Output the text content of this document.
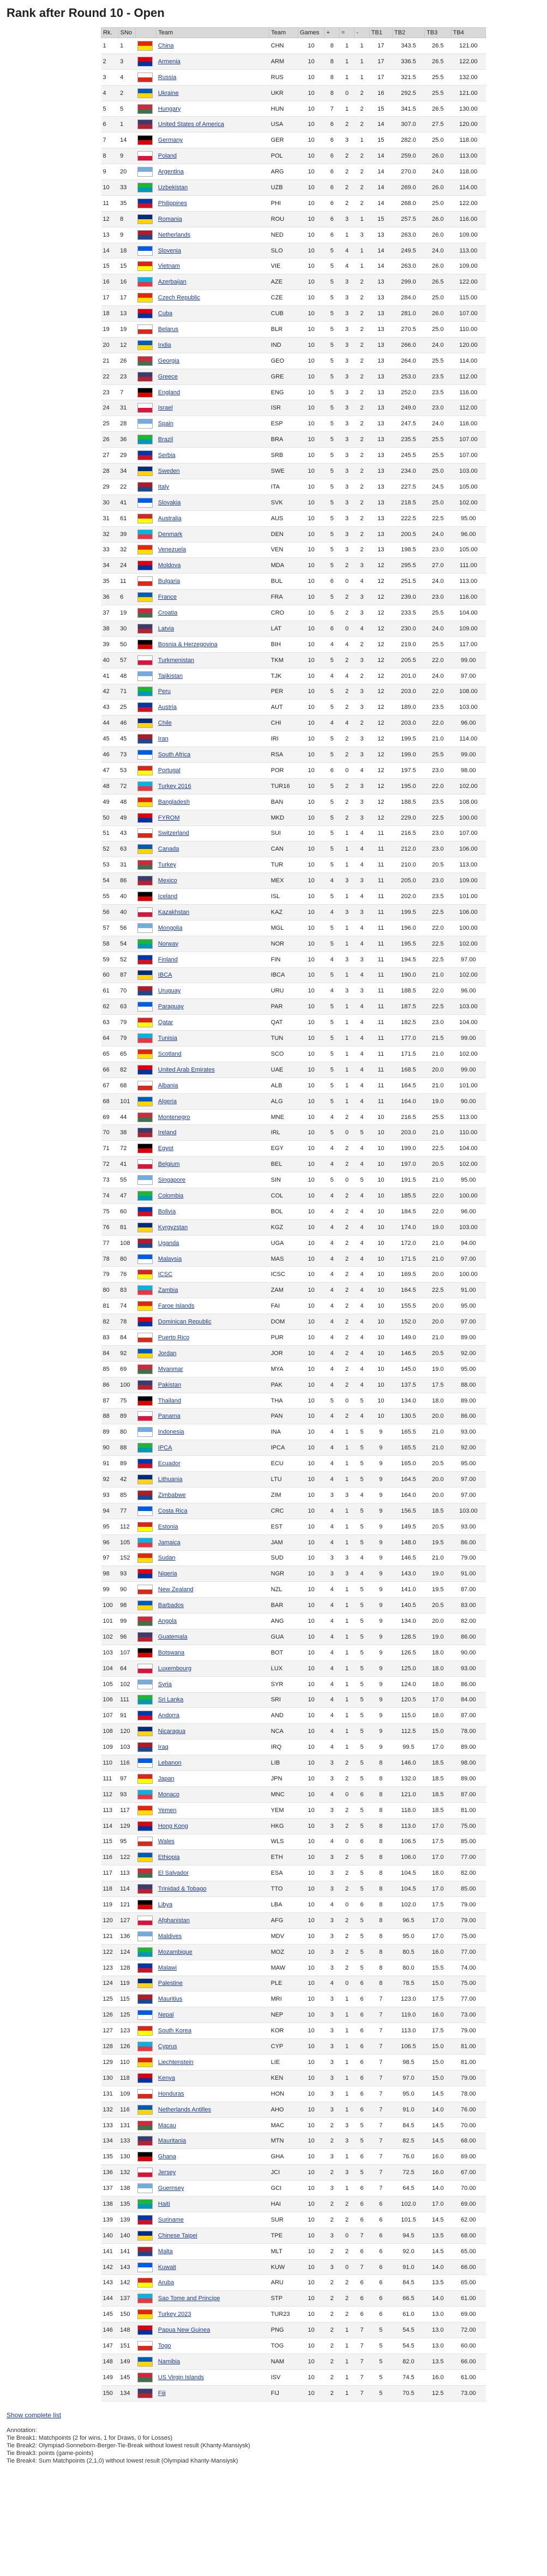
Rank after Round 10 - Open
Rk.	SNo		Team	Team	Games	+	=	-	TB1	TB2	TB3	TB4
1	1		China	CHN	10	8	1	1	17	343.5	26.5	121.00
2	3		Armenia	ARM	10	8	1	1	17	336.5	26.5	122.00
3	4		Russia	RUS	10	8	1	1	17	321.5	25.5	132.00
4	2		Ukraine	UKR	10	8	0	2	16	292.5	25.5	121.00
5	5		Hungary	HUN	10	7	1	2	15	341.5	26.5	130.00
6	1		United States of America	USA	10	6	2	2	14	307.0	27.5	120.00
7	14		Germany	GER	10	6	3	1	15	282.0	25.0	118.00
8	9		Poland	POL	10	6	2	2	14	259.0	26.0	113.00
9	20		Argentina	ARG	10	6	2	2	14	270.0	24.0	118.00
10	33		Uzbekistan	UZB	10	6	2	2	14	269.0	26.0	114.00
11	35		Philippines	PHI	10	6	2	2	14	268.0	25.0	122.00
12	8		Romania	ROU	10	6	3	1	15	257.5	26.0	116.00
13	9		Netherlands	NED	10	6	1	3	13	263.0	26.0	109.00
14	18		Slovenia	SLO	10	5	4	1	14	249.5	24.0	113.00
15	15		Vietnam	VIE	10	5	4	1	14	263.0	26.0	109.00
16	16		Azerbaijan	AZE	10	5	3	2	13	299.0	26.5	122.00
17	17		Czech Republic	CZE	10	5	3	2	13	284.0	25.0	115.00
18	13		Cuba	CUB	10	5	3	2	13	281.0	26.0	107.00
19	19		Belarus	BLR	10	5	3	2	13	270.5	25.0	110.00
20	12		India	IND	10	5	3	2	13	266.0	24.0	120.00
21	26		Georgia	GEO	10	5	3	2	13	264.0	25.5	114.00
22	23		Greece	GRE	10	5	3	2	13	253.0	23.5	112.00
23	7		England	ENG	10	5	3	2	13	252.0	23.5	116.00
24	31		Israel	ISR	10	5	3	2	13	249.0	23.0	112.00
25	28		Spain	ESP	10	5	3	2	13	247.5	24.0	116.00
26	36		Brazil	BRA	10	5	3	2	13	235.5	25.5	107.00
27	29		Serbia	SRB	10	5	3	2	13	245.5	25.5	107.00
28	34		Sweden	SWE	10	5	3	2	13	234.0	25.0	103.00
29	22		Italy	ITA	10	5	3	2	13	227.5	24.5	105.00
30	41		Slovakia	SVK	10	5	3	2	13	218.5	25.0	102.00
31	61		Australia	AUS	10	5	3	2	13	222.5	22.5	95.00
32	39		Denmark	DEN	10	5	3	2	13	200.5	24.0	96.00
33	32		Venezuela	VEN	10	5	3	2	13	198.5	23.0	105.00
34	24		Moldova	MDA	10	5	2	3	12	295.5	27.0	111.00
35	11		Bulgaria	BUL	10	6	0	4	12	251.5	24.0	113.00
36	6		France	FRA	10	5	2	3	12	239.0	23.0	116.00
37	19		Croatia	CRO	10	5	2	3	12	233.5	25.5	104.00
38	30		Latvia	LAT	10	6	0	4	12	230.0	24.0	109.00
39	50		Bosnia & Herzegovina	BIH	10	4	4	2	12	219.0	25.5	117.00
40	57		Turkmenistan	TKM	10	5	2	3	12	205.5	22.0	99.00
41	48		Tajikistan	TJK	10	4	4	2	12	201.0	24.0	97.00
42	71		Peru	PER	10	5	2	3	12	203.0	22.0	108.00
43	25		Austria	AUT	10	5	2	3	12	189.0	23.5	103.00
44	46		Chile	CHI	10	4	4	2	12	203.0	22.0	96.00
45	45		Iran	IRI	10	5	2	3	12	199.5	21.0	114.00
46	73		South Africa	RSA	10	5	2	3	12	199.0	25.5	99.00
47	53		Portugal	POR	10	6	0	4	12	197.5	23.0	98.00
48	72		Turkey 2016	TUR16	10	5	2	3	12	195.0	22.0	102.00
49	48		Bangladesh	BAN	10	5	2	3	12	188.5	23.5	108.00
50	49		FYROM	MKD	10	5	2	3	12	229.0	22.5	100.00
51	43		Switzerland	SUI	10	5	1	4	11	216.5	23.0	107.00
52	63		Canada	CAN	10	5	1	4	11	212.0	23.0	106.00
53	31		Turkey	TUR	10	5	1	4	11	210.0	20.5	113.00
54	86		Mexico	MEX	10	4	3	3	11	205.0	23.0	109.00
55	40		Iceland	ISL	10	5	1	4	11	202.0	23.5	101.00
56	40		Kazakhstan	KAZ	10	4	3	3	11	199.5	22.5	106.00
57	56		Mongolia	MGL	10	5	1	4	11	196.0	22.0	100.00
58	54		Norway	NOR	10	5	1	4	11	195.5	22.5	102.00
59	52		Finland	FIN	10	4	3	3	11	194.5	22.5	97.00
60	87		IBCA	IBCA	10	5	1	4	11	190.0	21.0	102.00
61	70		Uruguay	URU	10	4	3	3	11	188.5	22.0	96.00
62	63		Paraguay	PAR	10	5	1	4	11	187.5	22.5	103.00
63	79		Qatar	QAT	10	5	1	4	11	182.5	23.0	104.00
64	79		Tunisia	TUN	10	5	1	4	11	177.0	21.5	99.00
65	65		Scotland	SCO	10	5	1	4	11	171.5	21.0	102.00
66	82		United Arab Emirates	UAE	10	5	1	4	11	168.5	20.0	99.00
67	68		Albania	ALB	10	5	1	4	11	164.5	21.0	101.00
68	101		Algeria	ALG	10	5	1	4	11	164.0	19.0	90.00
69	44		Montenegro	MNE	10	4	2	4	10	216.5	25.5	113.00
70	38		Ireland	IRL	10	5	0	5	10	203.0	21.0	110.00
71	72		Egypt	EGY	10	4	2	4	10	199.0	22.5	104.00
72	41		Belgium	BEL	10	4	2	4	10	197.0	20.5	102.00
73	55		Singapore	SIN	10	5	0	5	10	191.5	21.0	95.00
74	47		Colombia	COL	10	4	2	4	10	185.5	22.0	100.00
75	60		Bolivia	BOL	10	4	2	4	10	184.5	22.0	96.00
76	81		Kyrgyzstan	KGZ	10	4	2	4	10	174.0	19.0	103.00
77	108		Uganda	UGA	10	4	2	4	10	172.0	21.0	94.00
78	80		Malaysia	MAS	10	4	2	4	10	171.5	21.0	97.00
79	76		ICSC	ICSC	10	4	2	4	10	169.5	20.0	100.00
80	83		Zambia	ZAM	10	4	2	4	10	164.5	22.5	91.00
81	74		Faroe Islands	FAI	10	4	2	4	10	155.5	20.0	95.00
82	78		Dominican Republic	DOM	10	4	2	4	10	152.0	20.0	97.00
83	84		Puerto Rico	PUR	10	4	2	4	10	149.0	21.0	89.00
84	92		Jordan	JOR	10	4	2	4	10	146.5	20.5	92.00
85	69		Myanmar	MYA	10	4	2	4	10	145.0	19.0	95.00
86	100		Pakistan	PAK	10	4	2	4	10	137.5	17.5	88.00
87	75		Thailand	THA	10	5	0	5	10	134.0	18.0	89.00
88	89		Panama	PAN	10	4	2	4	10	130.5	20.0	86.00
89	80		Indonesia	INA	10	4	1	5	9	165.5	21.0	93.00
90	88		IPCA	IPCA	10	4	1	5	9	165.5	21.0	92.00
91	89		Ecuador	ECU	10	4	1	5	9	165.0	20.5	95.00
92	42		Lithuania	LTU	10	4	1	5	9	164.5	20.0	97.00
93	85		Zimbabwe	ZIM	10	3	3	4	9	164.0	20.0	97.00
94	77		Costa Rica	CRC	10	4	1	5	9	156.5	18.5	103.00
95	112		Estonia	EST	10	4	1	5	9	149.5	20.5	93.00
96	105		Jamaica	JAM	10	4	1	5	9	148.0	19.5	86.00
97	152		Sudan	SUD	10	3	3	4	9	146.5	21.0	79.00
98	93		Nigeria	NGR	10	3	3	4	9	143.0	19.0	91.00
99	90		New Zealand	NZL	10	4	1	5	9	141.0	19.5	87.00
100	98		Barbados	BAR	10	4	1	5	9	140.5	20.5	83.00
101	99		Angola	ANG	10	4	1	5	9	134.0	20.0	82.00
102	96		Guatemala	GUA	10	4	1	5	9	128.5	19.0	86.00
103	107		Botswana	BOT	10	4	1	5	9	126.5	18.0	90.00
104	64		Luxembourg	LUX	10	4	1	5	9	125.0	18.0	93.00
105	102		Syria	SYR	10	4	1	5	9	124.0	18.0	86.00
106	111		Sri Lanka	SRI	10	4	1	5	9	120.5	17.0	84.00
107	91		Andorra	AND	10	4	1	5	9	115.0	18.0	87.00
108	120		Nicaragua	NCA	10	4	1	5	9	112.5	15.0	78.00
109	103		Iraq	IRQ	10	4	1	5	9	99.5	17.0	89.00
110	116		Lebanon	LIB	10	3	2	5	8	146.0	18.5	98.00
111	97		Japan	JPN	10	3	2	5	8	132.0	18.5	89.00
112	93		Monaco	MNC	10	4	0	6	8	121.0	18.5	87.00
113	117		Yemen	YEM	10	3	2	5	8	118.0	18.5	81.00
114	129		Hong Kong	HKG	10	3	2	5	8	113.0	17.0	75.00
115	95		Wales	WLS	10	4	0	6	8	106.5	17.5	85.00
116	122		Ethiopia	ETH	10	3	2	5	8	106.0	17.0	77.00
117	113		El Salvador	ESA	10	3	2	5	8	104.5	18.0	82.00
118	114		Trinidad & Tobago	TTO	10	3	2	5	8	104.5	17.0	85.00
119	121		Libya	LBA	10	4	0	6	8	102.0	17.5	79.00
120	127		Afghanistan	AFG	10	3	2	5	8	96.5	17.0	79.00
121	136		Maldives	MDV	10	3	2	5	8	95.0	17.0	75.00
122	124		Mozambique	MOZ	10	3	2	5	8	80.5	16.0	77.00
123	128		Malawi	MAW	10	3	2	5	8	80.0	15.5	74.00
124	119		Palestine	PLE	10	4	0	6	8	78.5	15.0	75.00
125	115		Mauritius	MRI	10	3	1	6	7	123.0	17.5	77.00
126	125		Nepal	NEP	10	3	1	6	7	119.0	16.0	73.00
127	123		South Korea	KOR	10	3	1	6	7	113.0	17.5	79.00
128	126		Cyprus	CYP	10	3	1	6	7	106.5	15.0	81.00
129	110		Liechtenstein	LIE	10	3	1	6	7	98.5	15.0	81.00
130	118		Kenya	KEN	10	3	1	6	7	97.0	15.0	79.00
131	109		Honduras	HON	10	3	1	6	7	95.0	14.5	78.00
132	116		Netherlands Antilles	AHO	10	3	1	6	7	91.0	14.0	76.00
133	131		Macau	MAC	10	2	3	5	7	84.5	14.5	70.00
134	133		Mauritania	MTN	10	2	3	5	7	82.5	14.5	68.00
135	130		Ghana	GHA	10	3	1	6	7	76.0	16.0	69.00
136	132		Jersey	JCI	10	2	3	5	7	72.5	16.0	67.00
137	138		Guernsey	GCI	10	3	1	6	7	64.5	14.0	70.00
138	135		Haiti	HAI	10	2	2	6	6	102.0	17.0	69.00
139	139		Suriname	SUR	10	2	2	6	6	101.5	14.5	62.00
140	140		Chinese Taipei	TPE	10	3	0	7	6	94.5	13.5	68.00
141	141		Malta	MLT	10	2	2	6	6	92.0	14.5	65.00
142	143		Kuwait	KUW	10	3	0	7	6	91.0	14.0	66.00
143	142		Aruba	ARU	10	2	2	6	6	84.5	13.5	65.00
144	137		Sao Tome and Principe	STP	10	2	2	6	6	66.5	14.0	61.00
145	150		Turkey 2023	TUR23	10	2	2	6	6	61.0	13.0	69.00
146	148		Papua New Guinea	PNG	10	2	1	7	5	54.5	13.0	72.00
147	151		Togo	TOG	10	2	1	7	5	54.5	13.0	60.00
148	149		Namibia	NAM	10	2	1	7	5	82.0	13.5	66.00
149	145		US Virgin Islands	ISV	10	2	1	7	5	74.5	16.0	61.00
150	134		Fiji	FIJ	10	2	1	7	5	70.5	12.5	73.00
Show complete list
Annotation:
Tie Break1: Matchpoints (2 for wins, 1 for Draws, 0 for Losses)
Tie Break2: Olympiad-Sonneborn-Berger-Tie-Break without lowest result (Khanty-Mansiysk)
Tie Break3: points (game-points)
Tie Break4: Sum Matchpoints (2,1,0) without lowest result (Olympiad Khanty-Mansiysk)
